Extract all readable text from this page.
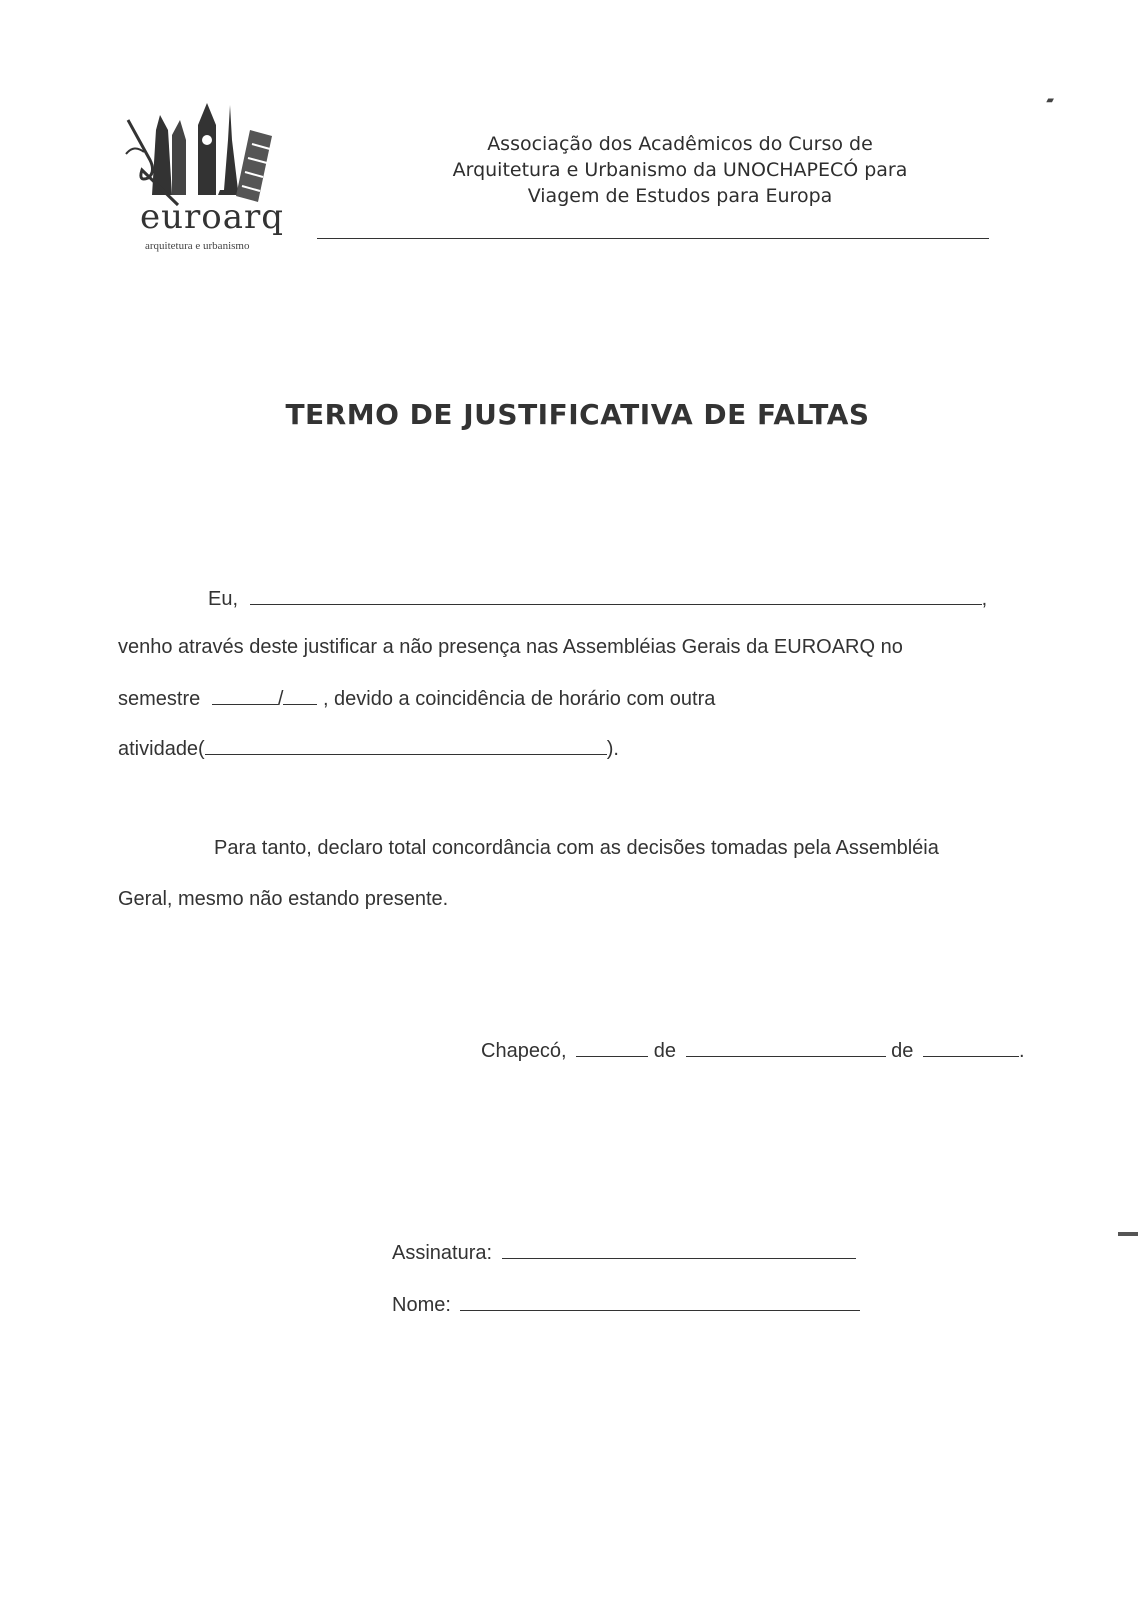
euroarq
arquitetura e urbanismo
Associação dos Acadêmicos do Curso de
Arquitetura e Urbanismo da UNOCHAPECÓ para
Viagem de Estudos para Europa
▰
TERMO DE JUSTIFICATIVA DE FALTAS
Eu,	,
venho através deste justificar a não presença nas Assembléias Gerais da EUROARQ no
semestre	/ , devido a coincidência de horário com outra
atividade(	).
Para tanto, declaro total concordância com as decisões tomadas pela Assembléia
Geral, mesmo não estando presente.
Chapecó,	de	de	.
Assinatura:
Nome:
